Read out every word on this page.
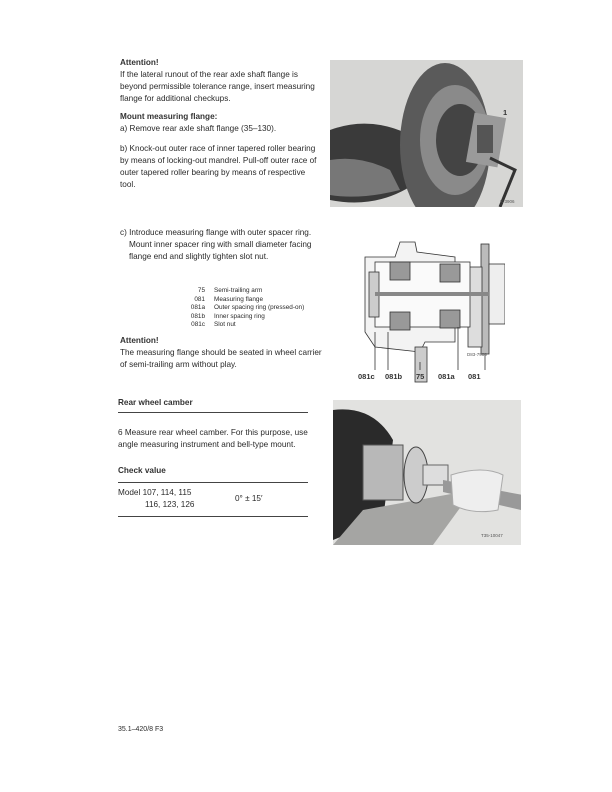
Attention!
If the lateral runout of the rear axle shaft flange is
beyond permissible tolerance range, insert measuring
flange for additional checkups.
Mount measuring flange:
a) Remove rear axle shaft flange (35–130).
b) Knock-out outer race of inner tapered roller bearing
by means of locking-out mandrel. Pull-off outer race of
outer tapered roller bearing by means of respective
tool.
1
K-3906
c) Introduce measuring flange with outer spacer ring.
Mount inner spacer ring with small diameter facing
flange end and slightly tighten slot nut.
75	Semi-trailing arm
081	Measuring flange
081a	Outer spacing ring (pressed-on)
081b	Inner spacing ring
081c	Slot nut
Attention!
The measuring flange should be seated in wheel carrier
of semi-trailing arm without play.
D83-7988
081c 081b 75 081a 081
Rear wheel camber
6 Measure rear wheel camber. For this purpose, use
angle measuring instrument and bell-type mount.
Check value
Model 107, 114, 115
116, 123, 126
0° ± 15′
T35-10047
35.1–420/8 F3
